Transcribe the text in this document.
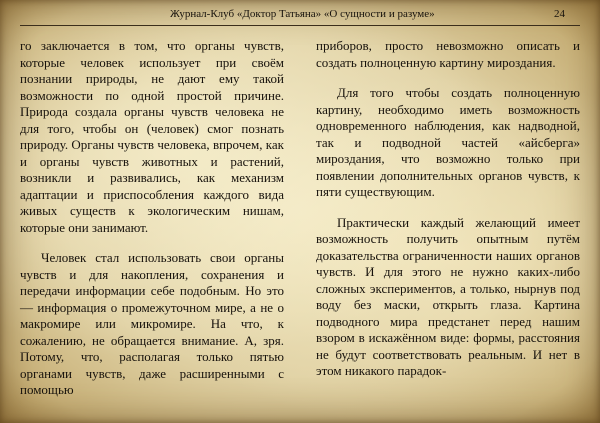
Журнал-Клуб «Доктор Татьяна» «О сущности и разуме»	24

го заключается в том, что органы чувств, которые человек использует при своём познании природы, не дают ему такой возможности по одной простой причине. Природа создала органы чувств человека не для того, чтобы он (человек) смог познать природу. Органы чувств человека, впрочем, как и органы чувств животных и растений, возникли и развивались, как механизм адаптации и приспособления каждого вида живых существ к экологическим нишам, которые они занимают.

Человек стал использовать свои органы чувств и для накопления, сохранения и передачи информации себе подобным. Но это — информация о промежуточном мире, а не о макромире или микромире. На что, к сожалению, не обращается внимание. А, зря. Потому, что, располагая только пятью органами чувств, даже расширенными с помощью

приборов, просто невозможно описать и создать полноценную картину мироздания.

Для того чтобы создать полноценную картину, необходимо иметь возможность одновременного наблюдения, как надводной, так и подводной частей «айсберга» мироздания, что возможно только при появлении дополнительных органов чувств, к пяти существующим.

Практически каждый желающий имеет возможность получить опытным путём доказательства ограниченности наших органов чувств. И для этого не нужно каких-либо сложных экспериментов, а только, нырнув под воду без маски, открыть глаза. Картина подводного мира предстанет перед нашим взором в искажённом виде: формы, расстояния не будут соответствовать реальным. И нет в этом никакого парадок-
